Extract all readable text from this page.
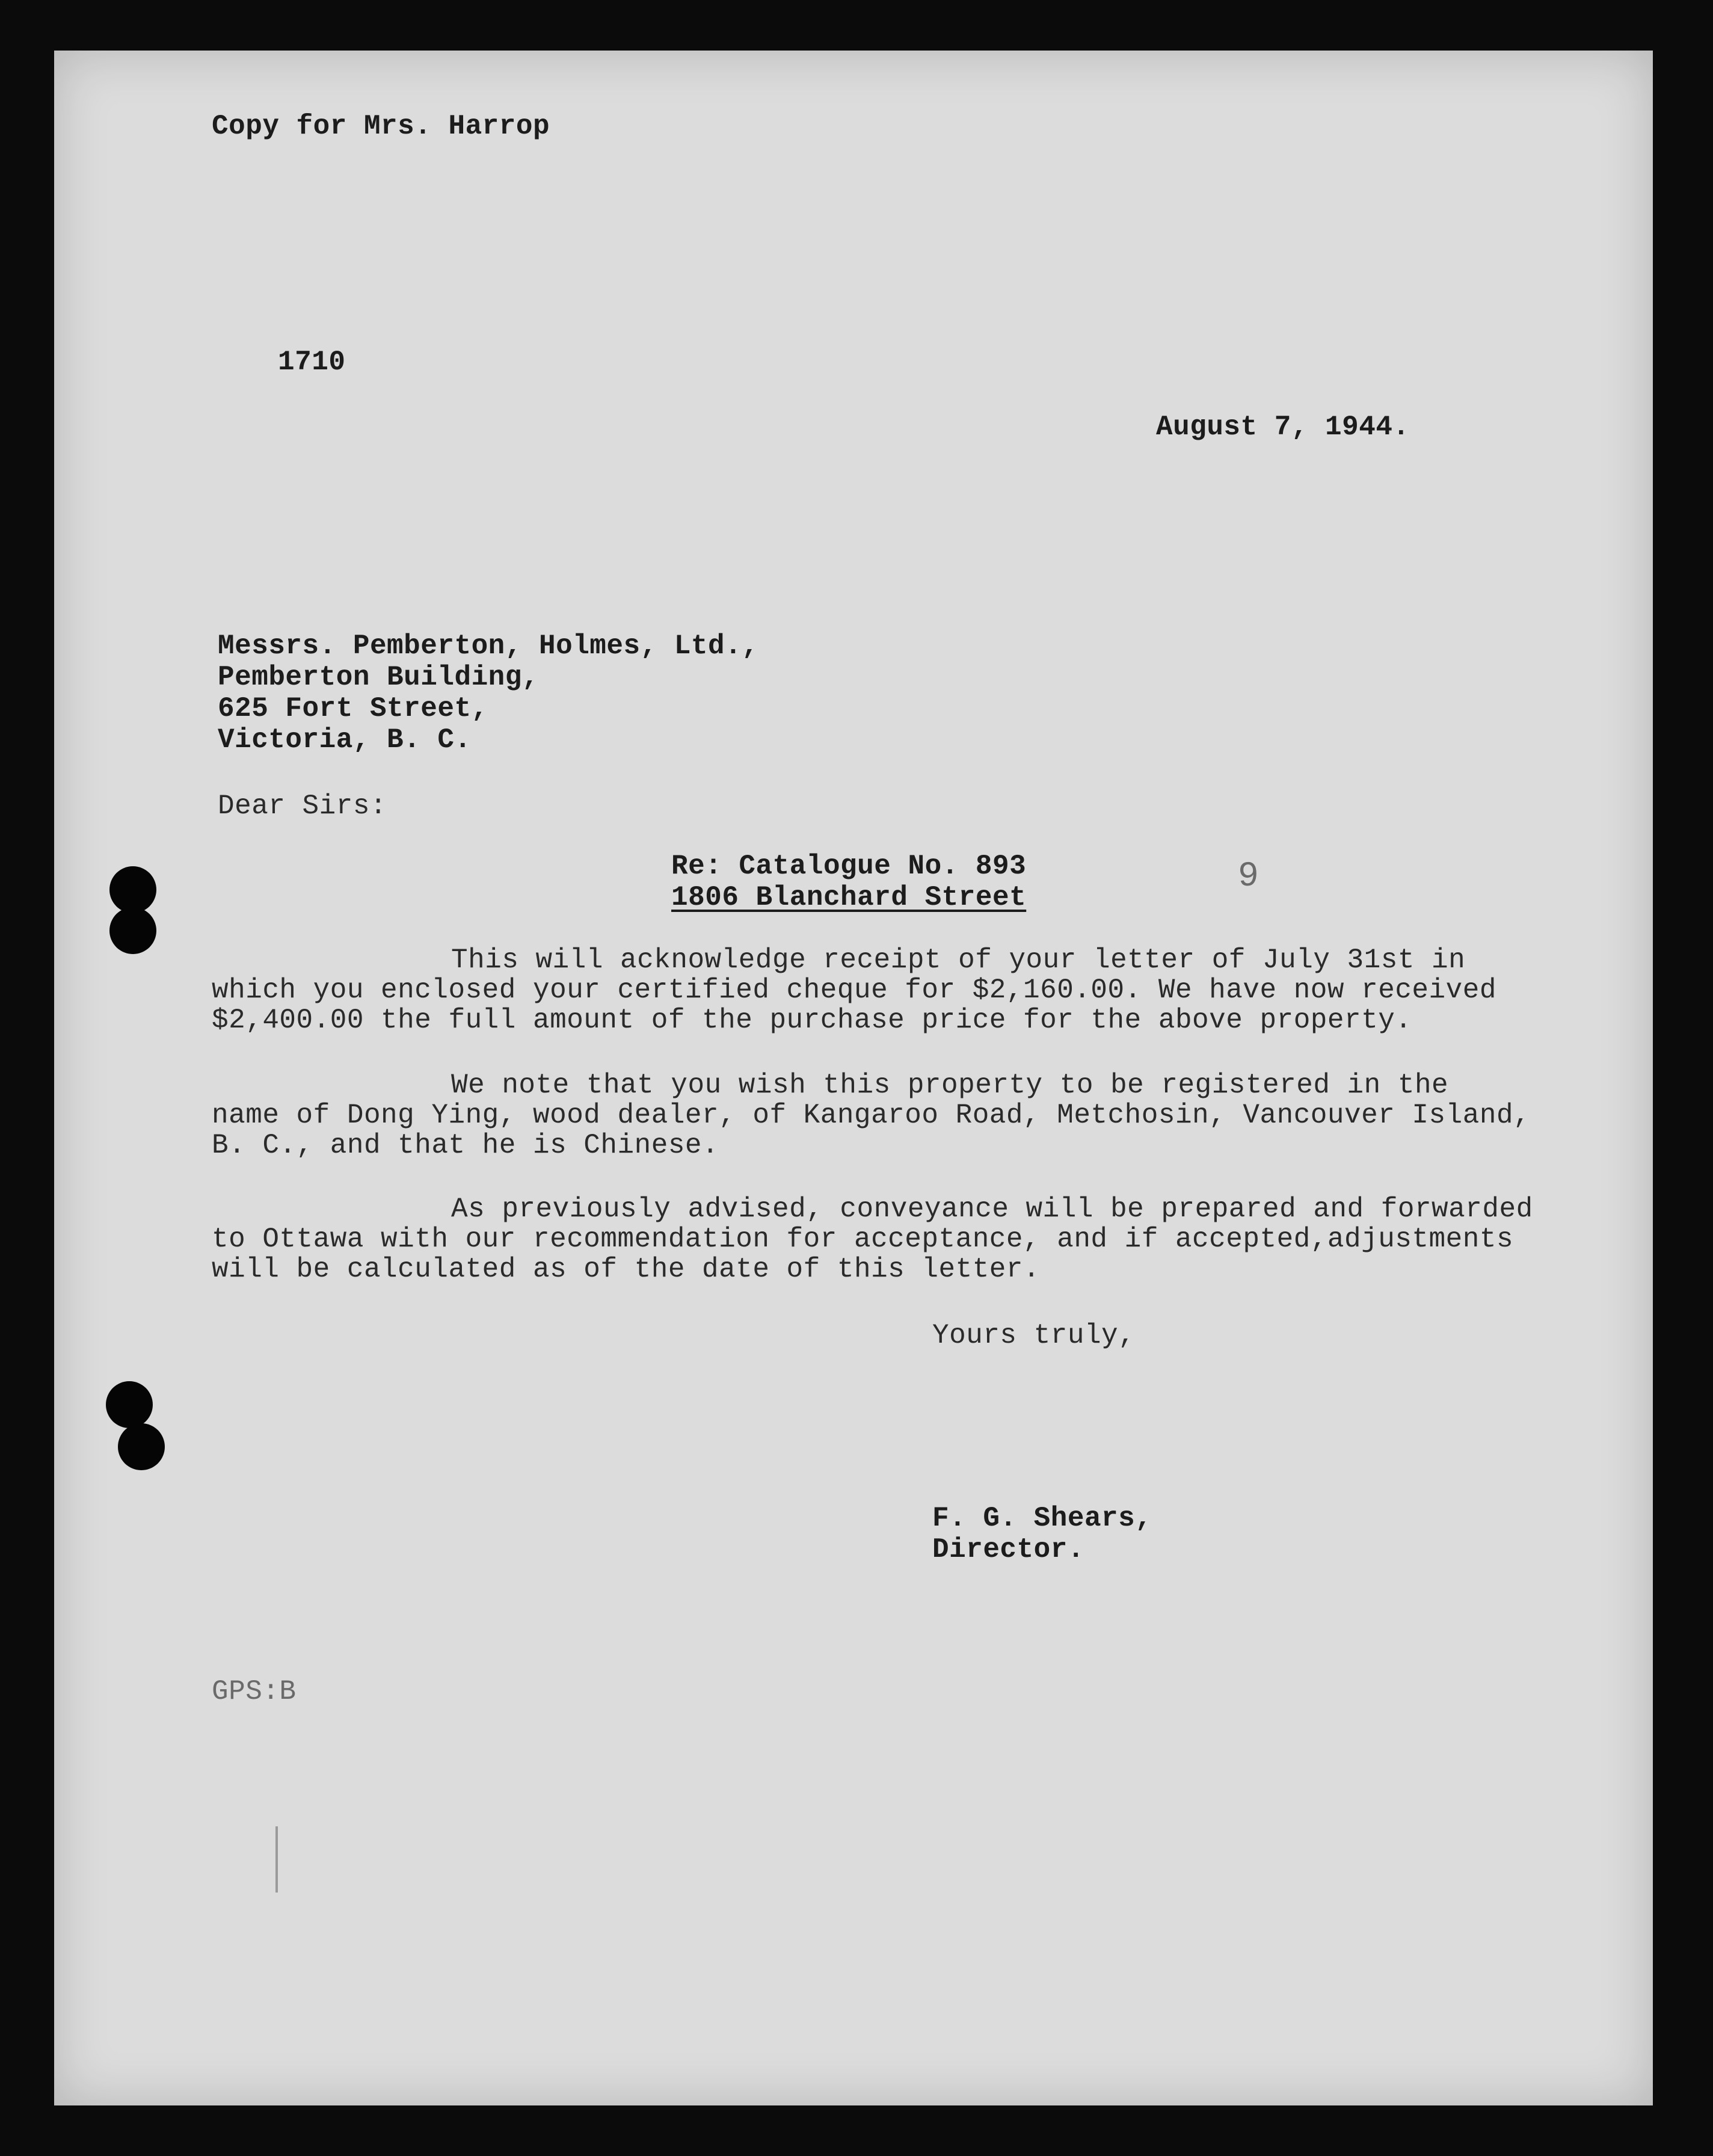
Copy for Mrs. Harrop
1710
August 7, 1944.
Messrs. Pemberton, Holmes, Ltd.,
Pemberton Building,
625 Fort Street,
Victoria, B. C.
Dear Sirs:
Re: Catalogue No. 893
1806 Blanchard Street
9
This will acknowledge receipt of your letter of July 31st in
which you enclosed your certified cheque for $2,160.00. We have now received
$2,400.00 the full amount of the purchase price for the above property.
We note that you wish this property to be registered in the
name of Dong Ying, wood dealer, of Kangaroo Road, Metchosin, Vancouver Island,
B. C., and that he is Chinese.
As previously advised, conveyance will be prepared and forwarded
to Ottawa with our recommendation for acceptance, and if accepted,adjustments
will be calculated as of the date of this letter.
Yours truly,
F. G. Shears,
Director.
GPS:B
